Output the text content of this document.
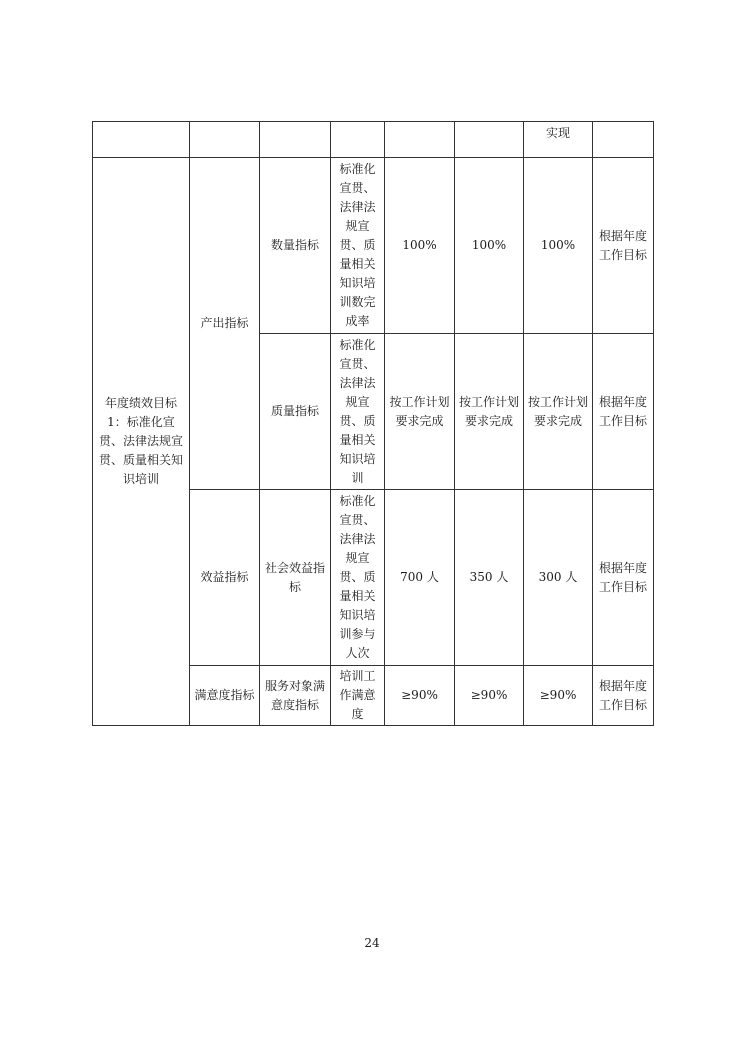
						实现	
年度绩效目标1：标准化宣贯、法律法规宣贯、质量相关知识培训	产出指标	数量指标	标准化宣贯、法律法规宣贯、质量相关知识培训数完成率	100%	100%	100%	根据年度工作目标
		质量指标	标准化宣贯、法律法规宣贯、质量相关知识培训	按工作计划要求完成	按工作计划要求完成	按工作计划要求完成	根据年度工作目标
	效益指标	社会效益指标	标准化宣贯、法律法规宣贯、质量相关知识培训参与人次	700 人	350 人	300 人	根据年度工作目标
	满意度指标	服务对象满意度指标	培训工作满意度	≥90%	≥90%	≥90%	根据年度工作目标
24
